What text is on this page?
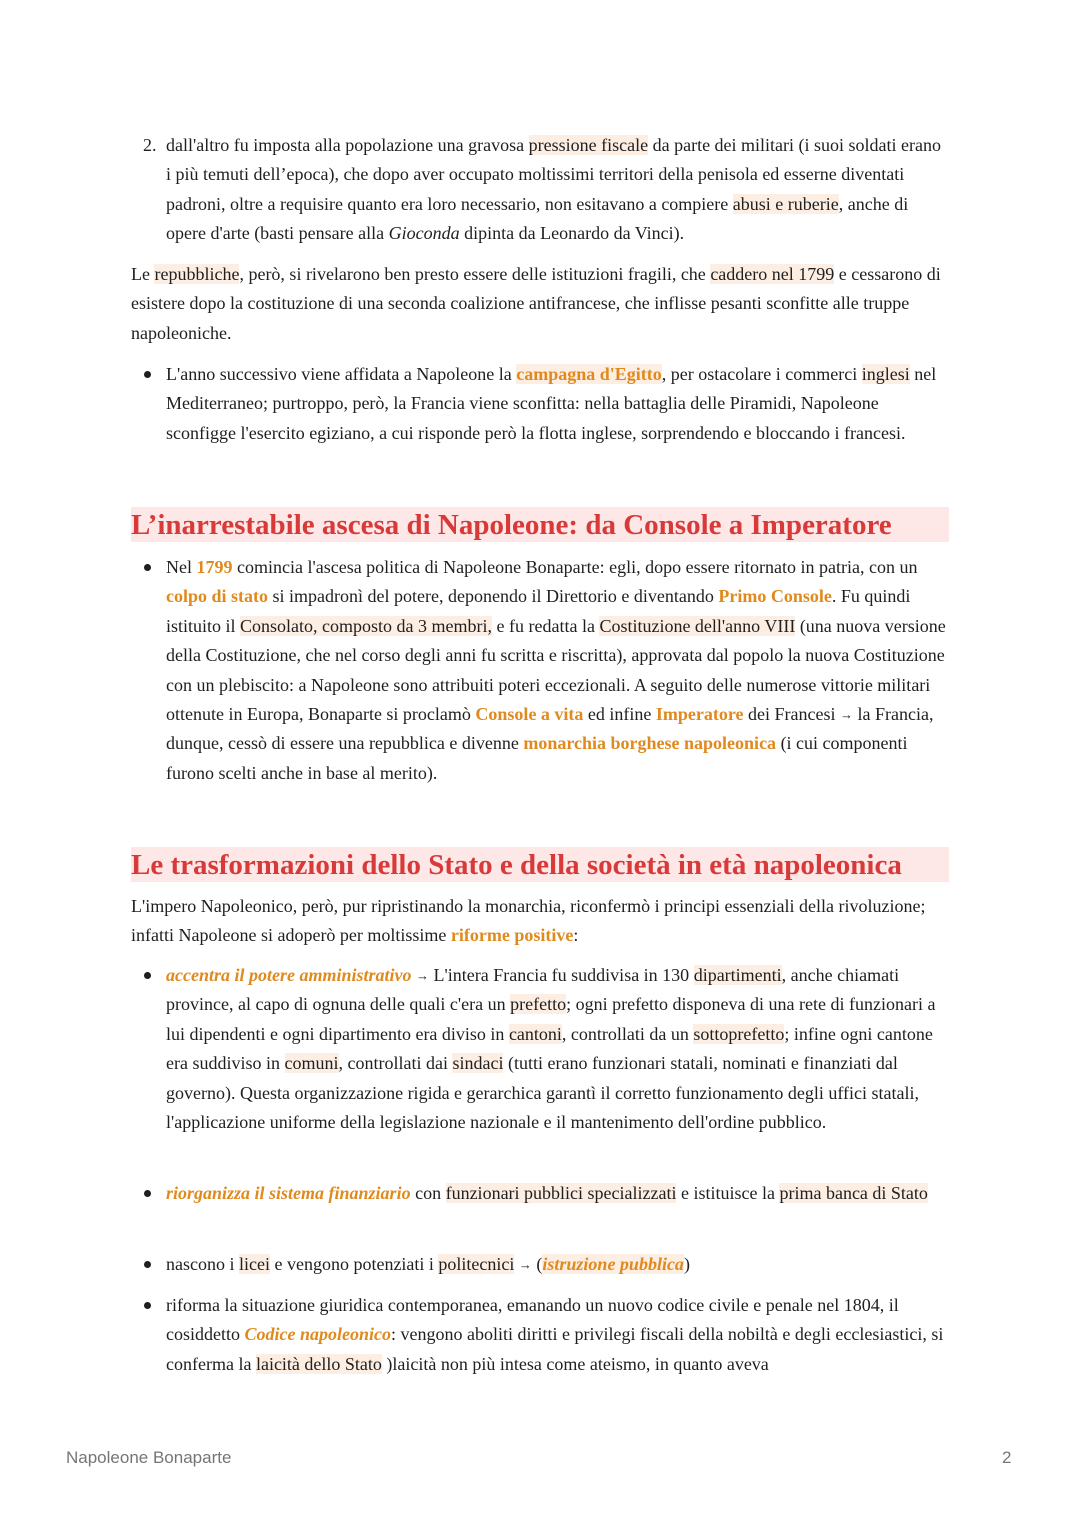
2. dall'altro fu imposta alla popolazione una gravosa pressione fiscale da parte dei militari (i suoi soldati erano i più temuti dell’epoca), che dopo aver occupato moltissimi territori della penisola ed esserne diventati padroni, oltre a requisire quanto era loro necessario, non esitavano a compiere abusi e ruberie, anche di opere d'arte (basti pensare alla Gioconda dipinta da Leonardo da Vinci).

Le repubbliche, però, si rivelarono ben presto essere delle istituzioni fragili, che caddero nel 1799 e cessarono di esistere dopo la costituzione di una seconda coalizione antifrancese, che inflisse pesanti sconfitte alle truppe napoleoniche.

L'anno successivo viene affidata a Napoleone la campagna d'Egitto, per ostacolare i commerci inglesi nel Mediterraneo; purtroppo, però, la Francia viene sconfitta: nella battaglia delle Piramidi, Napoleone sconfigge l'esercito egiziano, a cui risponde però la flotta inglese, sorprendendo e bloccando i francesi.
L’inarrestabile ascesa di Napoleone: da Console a Imperatore
Nel 1799 comincia l'ascesa politica di Napoleone Bonaparte: egli, dopo essere ritornato in patria, con un colpo di stato si impadronì del potere, deponendo il Direttorio e diventando Primo Console. Fu quindi istituito il Consolato, composto da 3 membri, e fu redatta la Costituzione dell'anno VIII (una nuova versione della Costituzione, che nel corso degli anni fu scritta e riscritta), approvata dal popolo la nuova Costituzione con un plebiscito: a Napoleone sono attribuiti poteri eccezionali. A seguito delle numerose vittorie militari ottenute in Europa, Bonaparte si proclamò Console a vita ed infine Imperatore dei Francesi → la Francia, dunque, cessò di essere una repubblica e divenne monarchia borghese napoleonica (i cui componenti furono scelti anche in base al merito).
Le trasformazioni dello Stato e della società in età napoleonica

L'impero Napoleonico, però, pur ripristinando la monarchia, riconfermò i principi essenziali della rivoluzione; infatti Napoleone si adoperò per moltissime riforme positive:

accentra il potere amministrativo → L'intera Francia fu suddivisa in 130 dipartimenti, anche chiamati province, al capo di ognuna delle quali c'era un prefetto; ogni prefetto disponeva di una rete di funzionari a lui dipendenti e ogni dipartimento era diviso in cantoni, controllati da un sottoprefetto; infine ogni cantone era suddiviso in comuni, controllati dai sindaci (tutti erano funzionari statali, nominati e finanziati dal governo). Questa organizzazione rigida e gerarchica garantì il corretto funzionamento degli uffici statali, l'applicazione uniforme della legislazione nazionale e il mantenimento dell'ordine pubblico.
riorganizza il sistema finanziario con funzionari pubblici specializzati e istituisce la prima banca di Stato
nascono i licei e vengono potenziati i politecnici → (istruzione pubblica)
riforma la situazione giuridica contemporanea, emanando un nuovo codice civile e penale nel 1804, il cosiddetto Codice napoleonico: vengono aboliti diritti e privilegi fiscali della nobiltà e degli ecclesiastici, si conferma la laicità dello Stato )laicità non più intesa come ateismo, in quanto aveva
Napoleone Bonaparte	2
